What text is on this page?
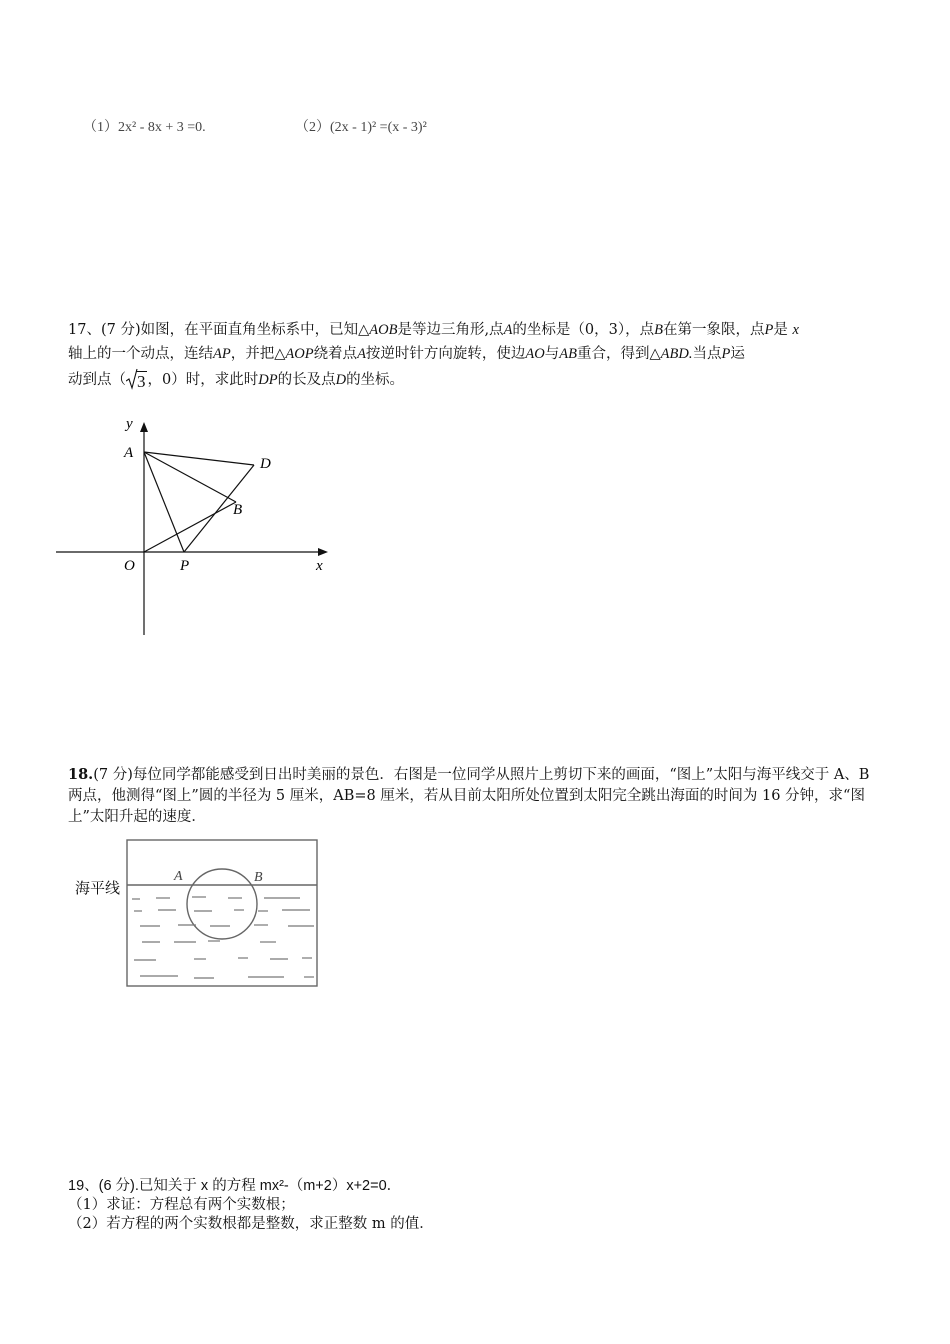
（1）2x² - 8x + 3 =0.	（2）(2x - 1)² =(x - 3)²

17、(7 分)如图，在平面直角坐标系中，已知△AOB是等边三角形,点A的坐标是（0，3），点B在第一象限，点P是 x
轴上的一个动点，连结AP，并把△AOP绕着点A按逆时针方向旋转，使边AO与AB重合，得到△ABD.当点P运
动到点（ 3 ，0）时，求此时DP的长及点D的坐标。
y
A
D
B
O	P	x
18.(7 分)每位同学都能感受到日出时美丽的景色．右图是一位同学从照片上剪切下来的画面，“图上”太阳与海平线交于 A、B 两点，他测得“图上”圆的半径为 5 厘米，AB=8 厘米，若从目前太阳所处位置到太阳完全跳出海面的时间为 16 分钟，求“图上”太阳升起的速度．
海平线
A	B
19、(6 分).已知关于 x 的方程 mx²-（m+2）x+2=0．
（1）求证：方程总有两个实数根；
（2）若方程的两个实数根都是整数，求正整数 m 的值．
